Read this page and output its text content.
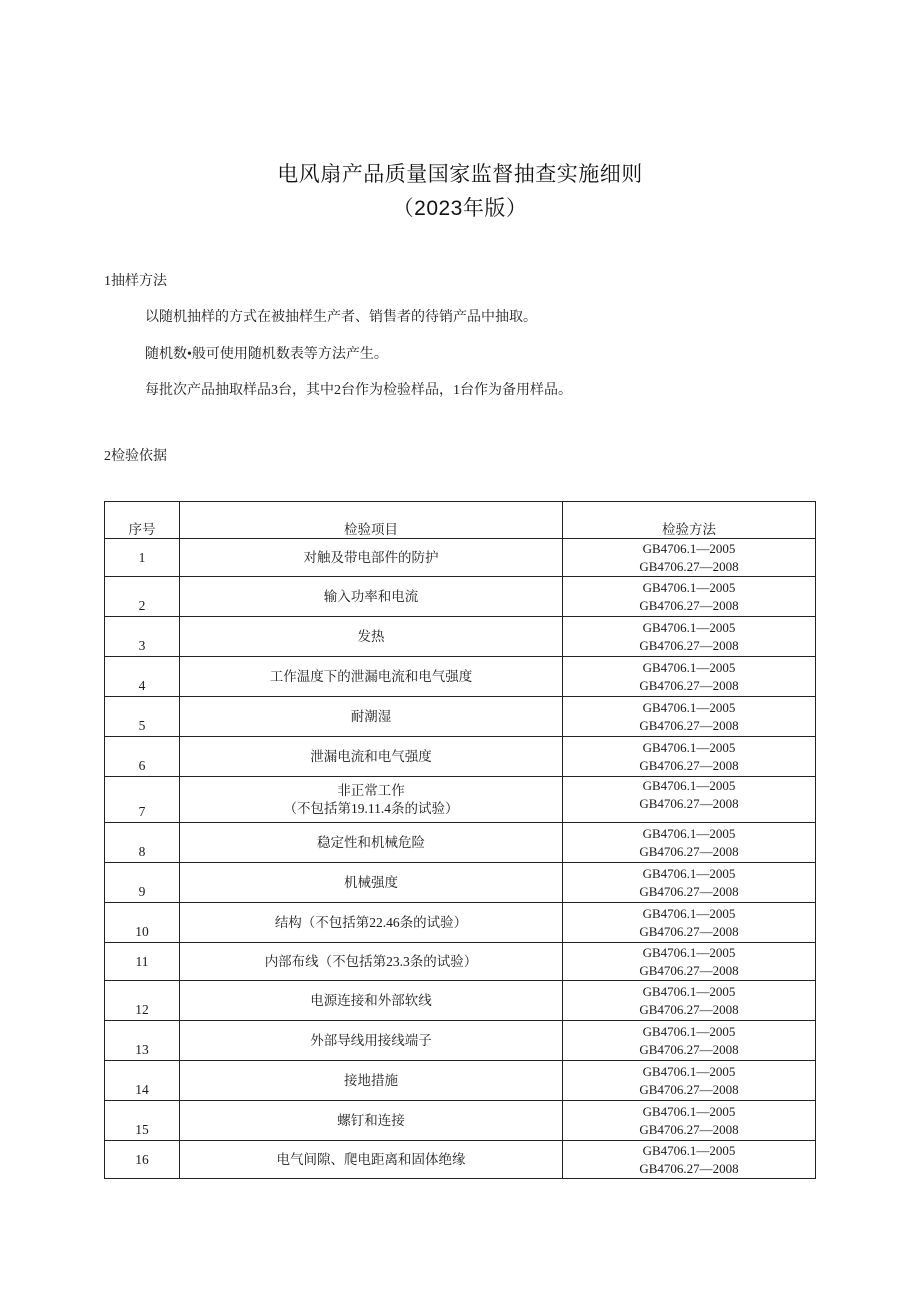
电风扇产品质量国家监督抽查实施细则
（2023年版）
1抽样方法
以随机抽样的方式在被抽样生产者、销售者的待销产品中抽取。
随机数•般可使用随机数表等方法产生。
每批次产品抽取样品3台，其中2台作为检验样品，1台作为备用样品。
2检验依据
序号	检验项目	检验方法
1	对触及带电部件的防护	GB4706.1—2005
GB4706.27—2008

2	输入功率和电流	GB4706.1—2005
GB4706.27—2008

3	发热	GB4706.1—2005
GB4706.27—2008

4	工作温度下的泄漏电流和电气强度	GB4706.1—2005
GB4706.27—2008

5	耐潮湿	GB4706.1—2005
GB4706.27—2008

6	泄漏电流和电气强度	GB4706.1—2005
GB4706.27—2008

7	非正常工作
（不包括第19.11.4条的试验）	GB4706.1—2005
GB4706.27—2008

8	稳定性和机械危险	GB4706.1—2005
GB4706.27—2008

9	机械强度	GB4706.1—2005
GB4706.27—2008

10	结构（不包括第22.46条的试验）	GB4706.1—2005
GB4706.27—2008

11	内部布线（不包括第23.3条的试验）	GB4706.1—2005
GB4706.27—2008

12	电源连接和外部软线	GB4706.1—2005
GB4706.27—2008

13	外部导线用接线端子	GB4706.1—2005
GB4706.27—2008

14	接地措施	GB4706.1—2005
GB4706.27—2008

15	螺钉和连接	GB4706.1—2005
GB4706.27—2008

16	电气间隙、爬电距离和固体绝缘	GB4706.1—2005
GB4706.27—2008
